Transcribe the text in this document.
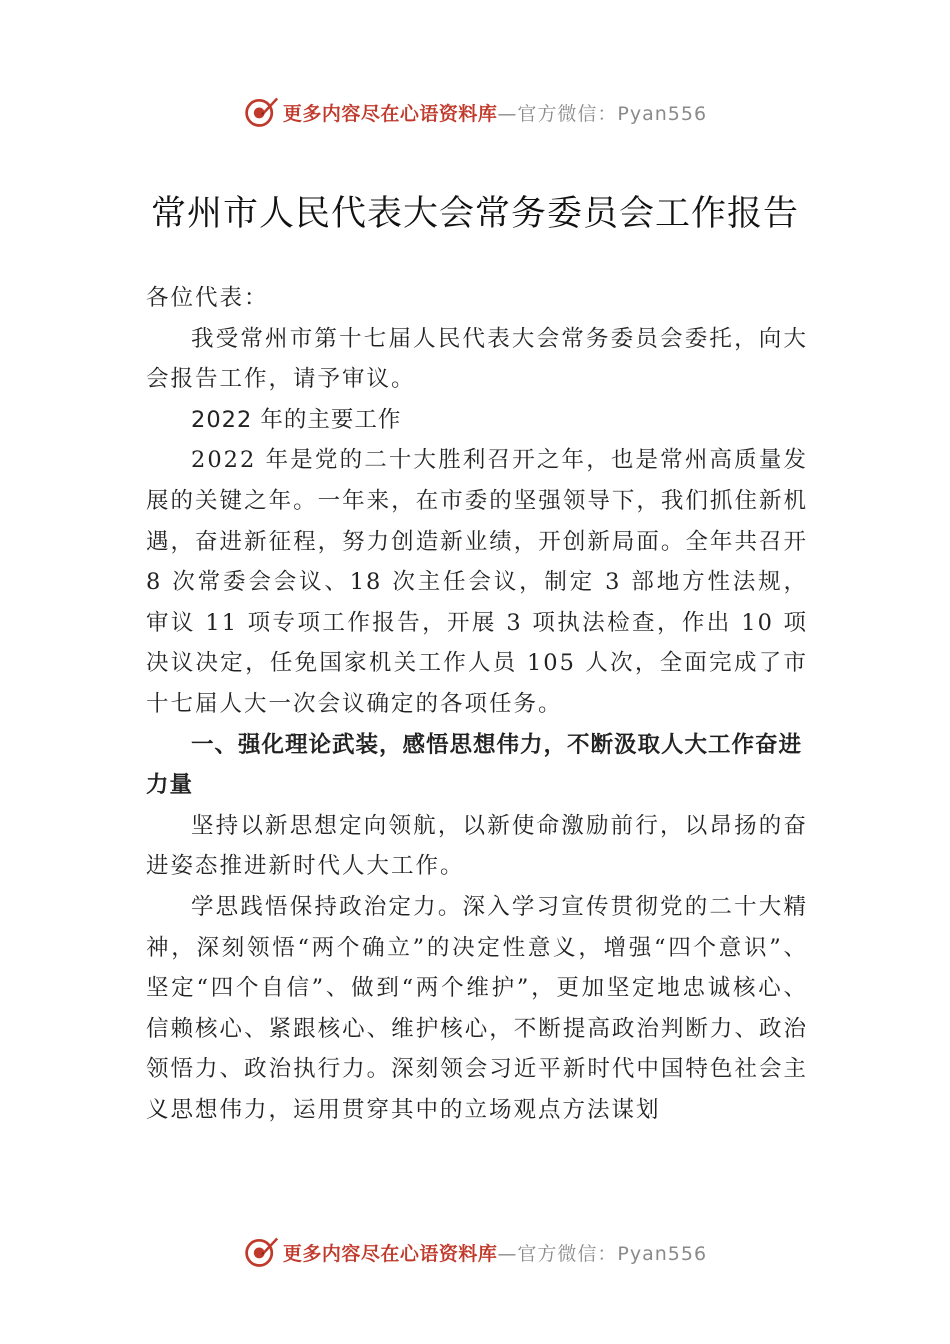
更多内容尽在心语资料库 —官方微信：Pyan556
常州市人民代表大会常务委员会工作报告

各位代表：

我受常州市第十七届人民代表大会常务委员会委托，向大会报告工作，请予审议。

2022 年的主要工作

2022 年是党的二十大胜利召开之年，也是常州高质量发展的关键之年。一年来，在市委的坚强领导下，我们抓住新机遇，奋进新征程，努力创造新业绩，开创新局面。全年共召开 8 次常委会会议、18 次主任会议，制定 3 部地方性法规，审议 11 项专项工作报告，开展 3 项执法检查，作出 10 项决议决定，任免国家机关工作人员 105 人次，全面完成了市十七届人大一次会议确定的各项任务。

一、强化理论武装，感悟思想伟力，不断汲取人大工作奋进力量

坚持以新思想定向领航，以新使命激励前行，以昂扬的奋进姿态推进新时代人大工作。

学思践悟保持政治定力。深入学习宣传贯彻党的二十大精神，深刻领悟“两个确立”的决定性意义，增强“四个意识”、坚定“四个自信”、做到“两个维护”，更加坚定地忠诚核心、信赖核心、紧跟核心、维护核心，不断提高政治判断力、政治领悟力、政治执行力。深刻领会习近平新时代中国特色社会主义思想伟力，运用贯穿其中的立场观点方法谋划

更多内容尽在心语资料库 —官方微信：Pyan556
